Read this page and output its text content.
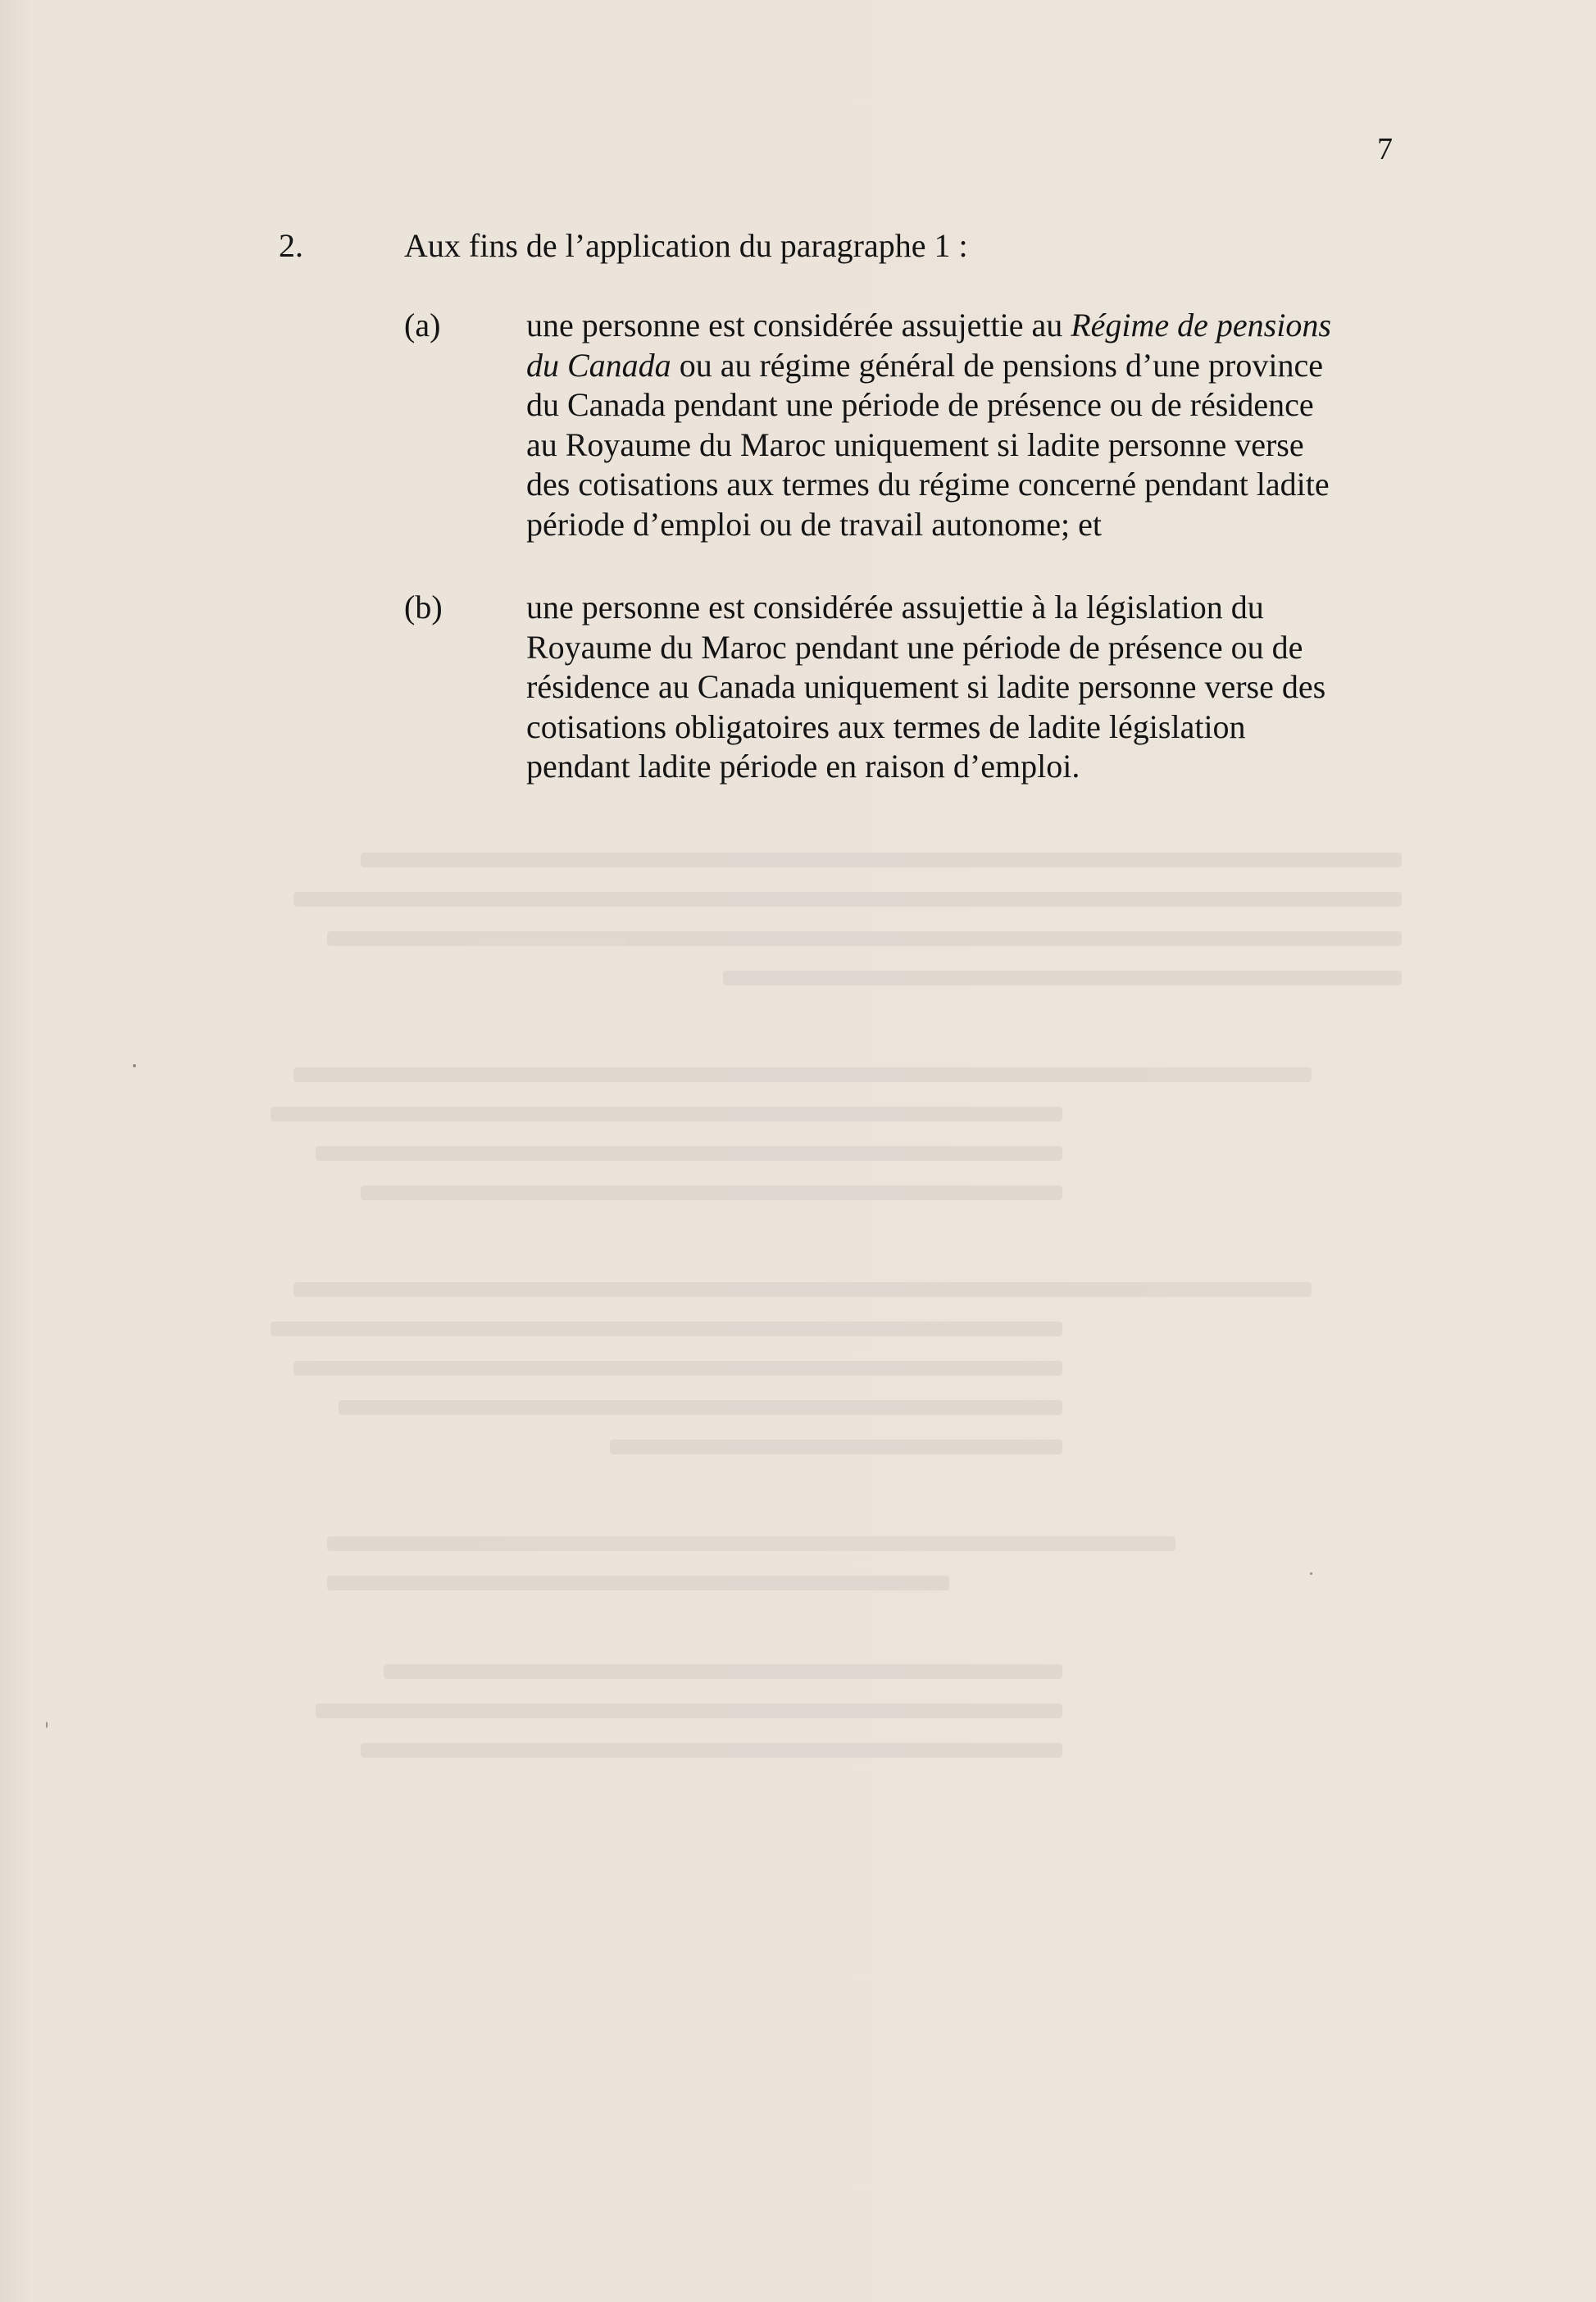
7
2.	Aux fins de l’application du paragraphe 1 :
(a)	une personne est considérée assujettie au Régime de pensions
du Canada ou au régime général de pensions d’une province
du Canada pendant une période de présence ou de résidence
au Royaume du Maroc uniquement si ladite personne verse
des cotisations aux termes du régime concerné pendant ladite
période d’emploi ou de travail autonome; et
(b)	une personne est considérée assujettie à la législation du
Royaume du Maroc pendant une période de présence ou de
résidence au Canada uniquement si ladite personne verse des
cotisations obligatoires aux termes de ladite législation
pendant ladite période en raison d’emploi.
